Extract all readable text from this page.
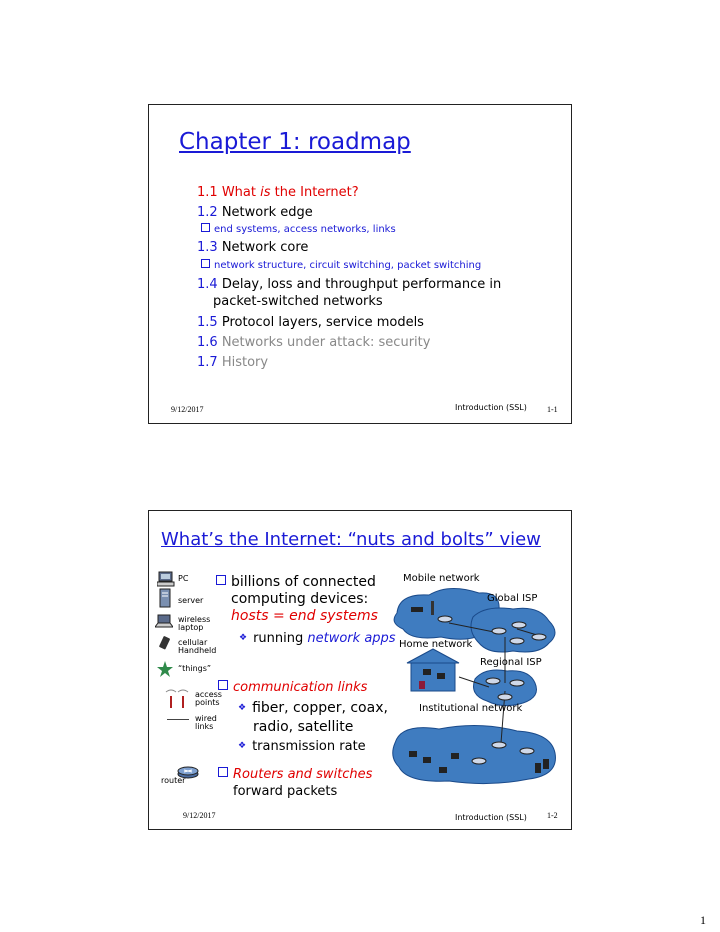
Chapter 1: roadmap
1.1 What is the Internet?
1.2 Network edge
end systems, access networks, links
1.3 Network core
network structure, circuit switching, packet switching
1.4 Delay, loss and throughput performance in
packet-switched networks
1.5 Protocol layers, service models
1.6 Networks under attack: security
1.7 History
9/12/2017	Introduction (SSL)	1-1
What’s the Internet: “nuts and bolts” view
PC
server
wireless
laptop
cellular
Handheld
“things”
access
points
wired
links
router
billions of connected
computing devices:
hosts = end systems
❖ running network apps
communication links
❖ fiber, copper, coax,
radio, satellite
❖ transmission rate
Routers and switches
forward packets
Mobile network
Global ISP
Home network
Regional ISP
Institutional network
9/12/2017	Introduction (SSL)	1-2
1
